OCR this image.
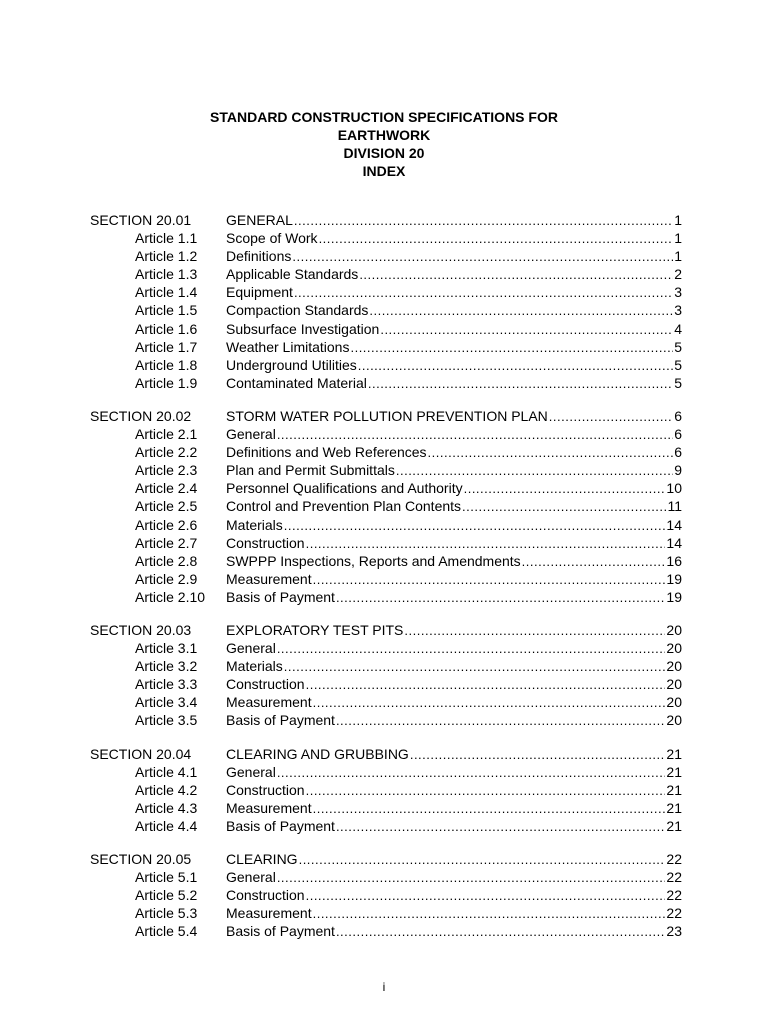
STANDARD CONSTRUCTION SPECIFICATIONS FOR
EARTHWORK
DIVISION 20
INDEX
SECTION 20.01	GENERAL .....	1
Article 1.1	Scope of Work .....	1
Article 1.2	Definitions .....	1
Article 1.3	Applicable Standards .....	2
Article 1.4	Equipment .....	3
Article 1.5	Compaction Standards .....	3
Article 1.6	Subsurface Investigation .....	4
Article 1.7	Weather Limitations .....	5
Article 1.8	Underground Utilities .....	5
Article 1.9	Contaminated Material .....	5
SECTION 20.02	STORM WATER POLLUTION PREVENTION PLAN .....	6
Article 2.1	General .....	6
Article 2.2	Definitions and Web References .....	6
Article 2.3	Plan and Permit Submittals .....	9
Article 2.4	Personnel Qualifications and Authority .....	10
Article 2.5	Control and Prevention Plan Contents .....	11
Article 2.6	Materials .....	14
Article 2.7	Construction .....	14
Article 2.8	SWPPP Inspections, Reports and Amendments .....	16
Article 2.9	Measurement .....	19
Article 2.10	Basis of Payment .....	19
SECTION 20.03	EXPLORATORY TEST PITS .....	20
Article 3.1	General .....	20
Article 3.2	Materials .....	20
Article 3.3	Construction .....	20
Article 3.4	Measurement .....	20
Article 3.5	Basis of Payment .....	20
SECTION 20.04	CLEARING AND GRUBBING .....	21
Article 4.1	General .....	21
Article 4.2	Construction .....	21
Article 4.3	Measurement .....	21
Article 4.4	Basis of Payment .....	21
SECTION 20.05	CLEARING .....	22
Article 5.1	General .....	22
Article 5.2	Construction .....	22
Article 5.3	Measurement .....	22
Article 5.4	Basis of Payment .....	23
i
